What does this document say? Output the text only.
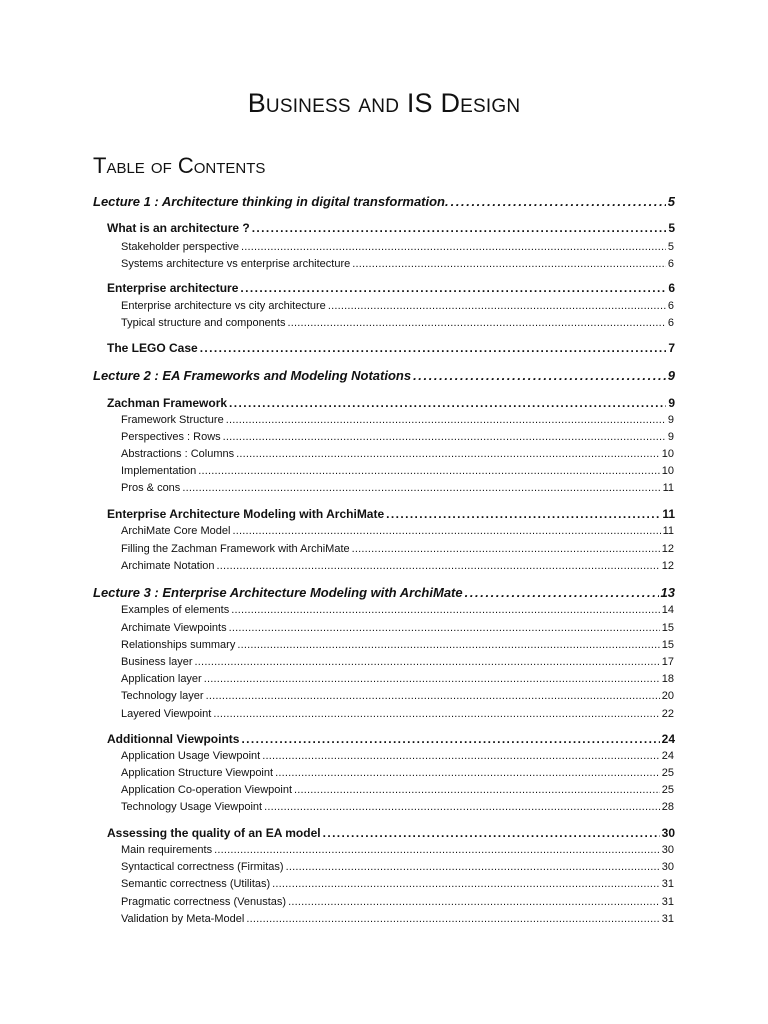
Business and IS Design
Table of Contents
Lecture 1 : Architecture thinking in digital transformation. .....	5
What is an architecture ? .....	5
Stakeholder perspective .....	5
Systems architecture vs enterprise architecture .....	6
Enterprise architecture .....	6
Enterprise architecture vs city architecture .....	6
Typical structure and components .....	6
The LEGO Case .....	7
Lecture 2 : EA Frameworks and Modeling Notations .....	9
Zachman Framework .....	9
Framework Structure .....	9
Perspectives : Rows .....	9
Abstractions : Columns .....	10
Implementation .....	10
Pros & cons .....	11
Enterprise Architecture Modeling with ArchiMate .....	11
ArchiMate Core Model .....	11
Filling the Zachman Framework with ArchiMate .....	12
Archimate Notation .....	12
Lecture 3 : Enterprise Architecture Modeling with ArchiMate .....	13
Examples of elements .....	14
Archimate Viewpoints .....	15
Relationships summary .....	15
Business layer .....	17
Application layer .....	18
Technology layer .....	20
Layered Viewpoint .....	22
Additionnal Viewpoints .....	24
Application Usage Viewpoint .....	24
Application Structure Viewpoint .....	25
Application Co-operation Viewpoint .....	25
Technology Usage Viewpoint .....	28
Assessing the quality of an EA model .....	30
Main requirements .....	30
Syntactical correctness (Firmitas) .....	30
Semantic correctness (Utilitas) .....	31
Pragmatic correctness (Venustas) .....	31
Validation by Meta-Model .....	31
